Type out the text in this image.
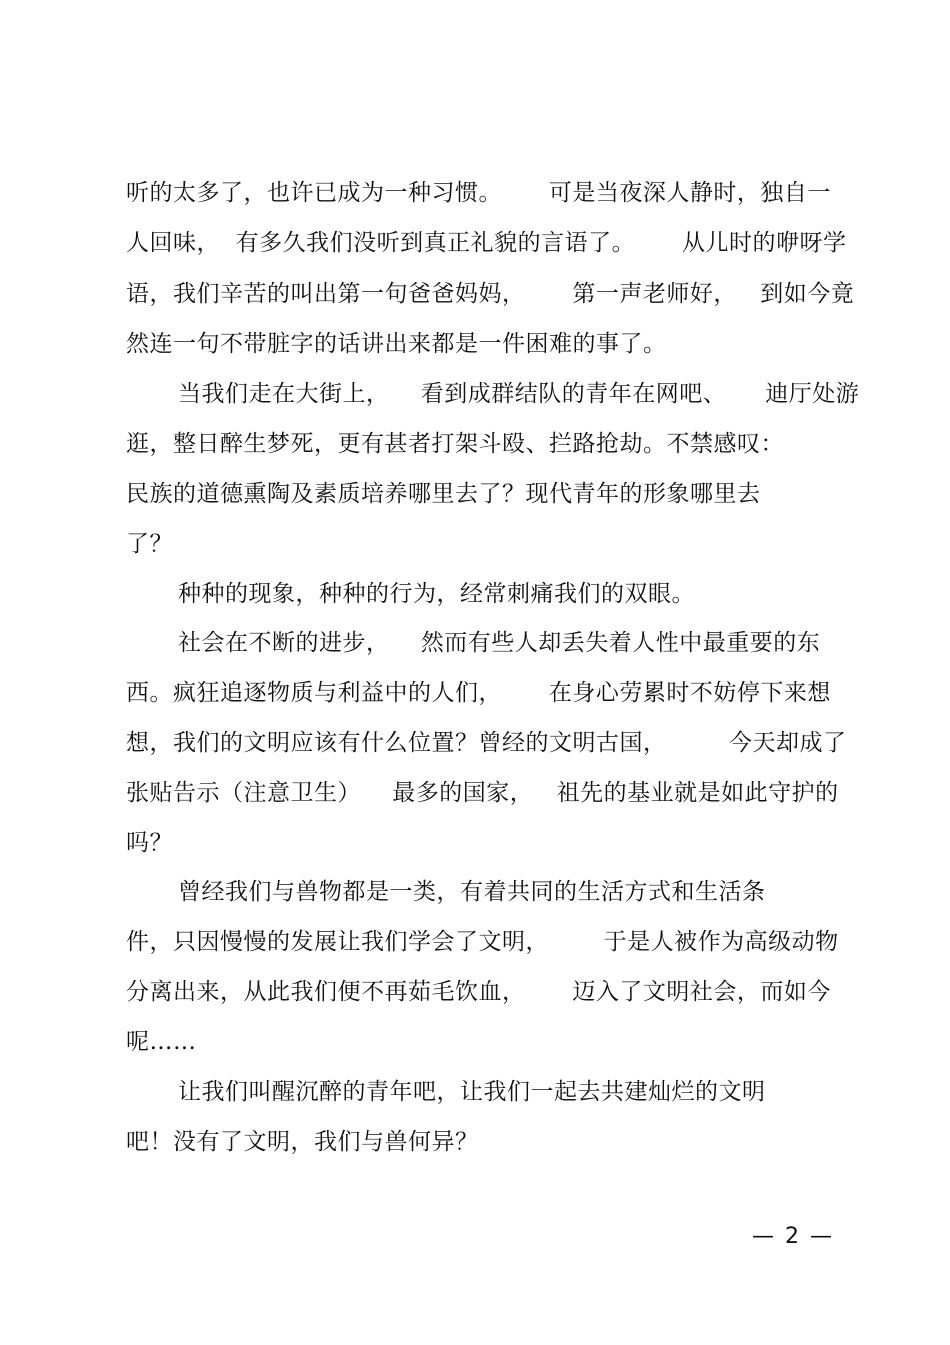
听的太多了，也许已成为一种习惯。      可是当夜深人静时，独自一
人回味，  有多久我们没听到真正礼貌的言语了。      从儿时的咿呀学
语，我们辛苦的叫出第一句爸爸妈妈，      第一声老师好，   到如今竟
然连一句不带脏字的话讲出来都是一件困难的事了。
当我们走在大街上，    看到成群结队的青年在网吧、     迪厅处游
逛，整日醉生梦死，更有甚者打架斗殴、拦路抢劫。不禁感叹：
民族的道德熏陶及素质培养哪里去了？现代青年的形象哪里去
了？
种种的现象，种种的行为，经常刺痛我们的双眼。
社会在不断的进步，    然而有些人却丢失着人性中最重要的东
西。疯狂追逐物质与利益中的人们，      在身心劳累时不妨停下来想
想，我们的文明应该有什么位置？曾经的文明古国，        今天却成了
张贴告示（注意卫生）    最多的国家，   祖先的基业就是如此守护的
吗？
曾经我们与兽物都是一类，有着共同的生活方式和生活条
件，只因慢慢的发展让我们学会了文明，       于是人被作为高级动物
分离出来，从此我们便不再茹毛饮血，      迈入了文明社会，而如今
呢……
让我们叫醒沉醉的青年吧，让我们一起去共建灿烂的文明
吧！没有了文明，我们与兽何异？
— 2 —
